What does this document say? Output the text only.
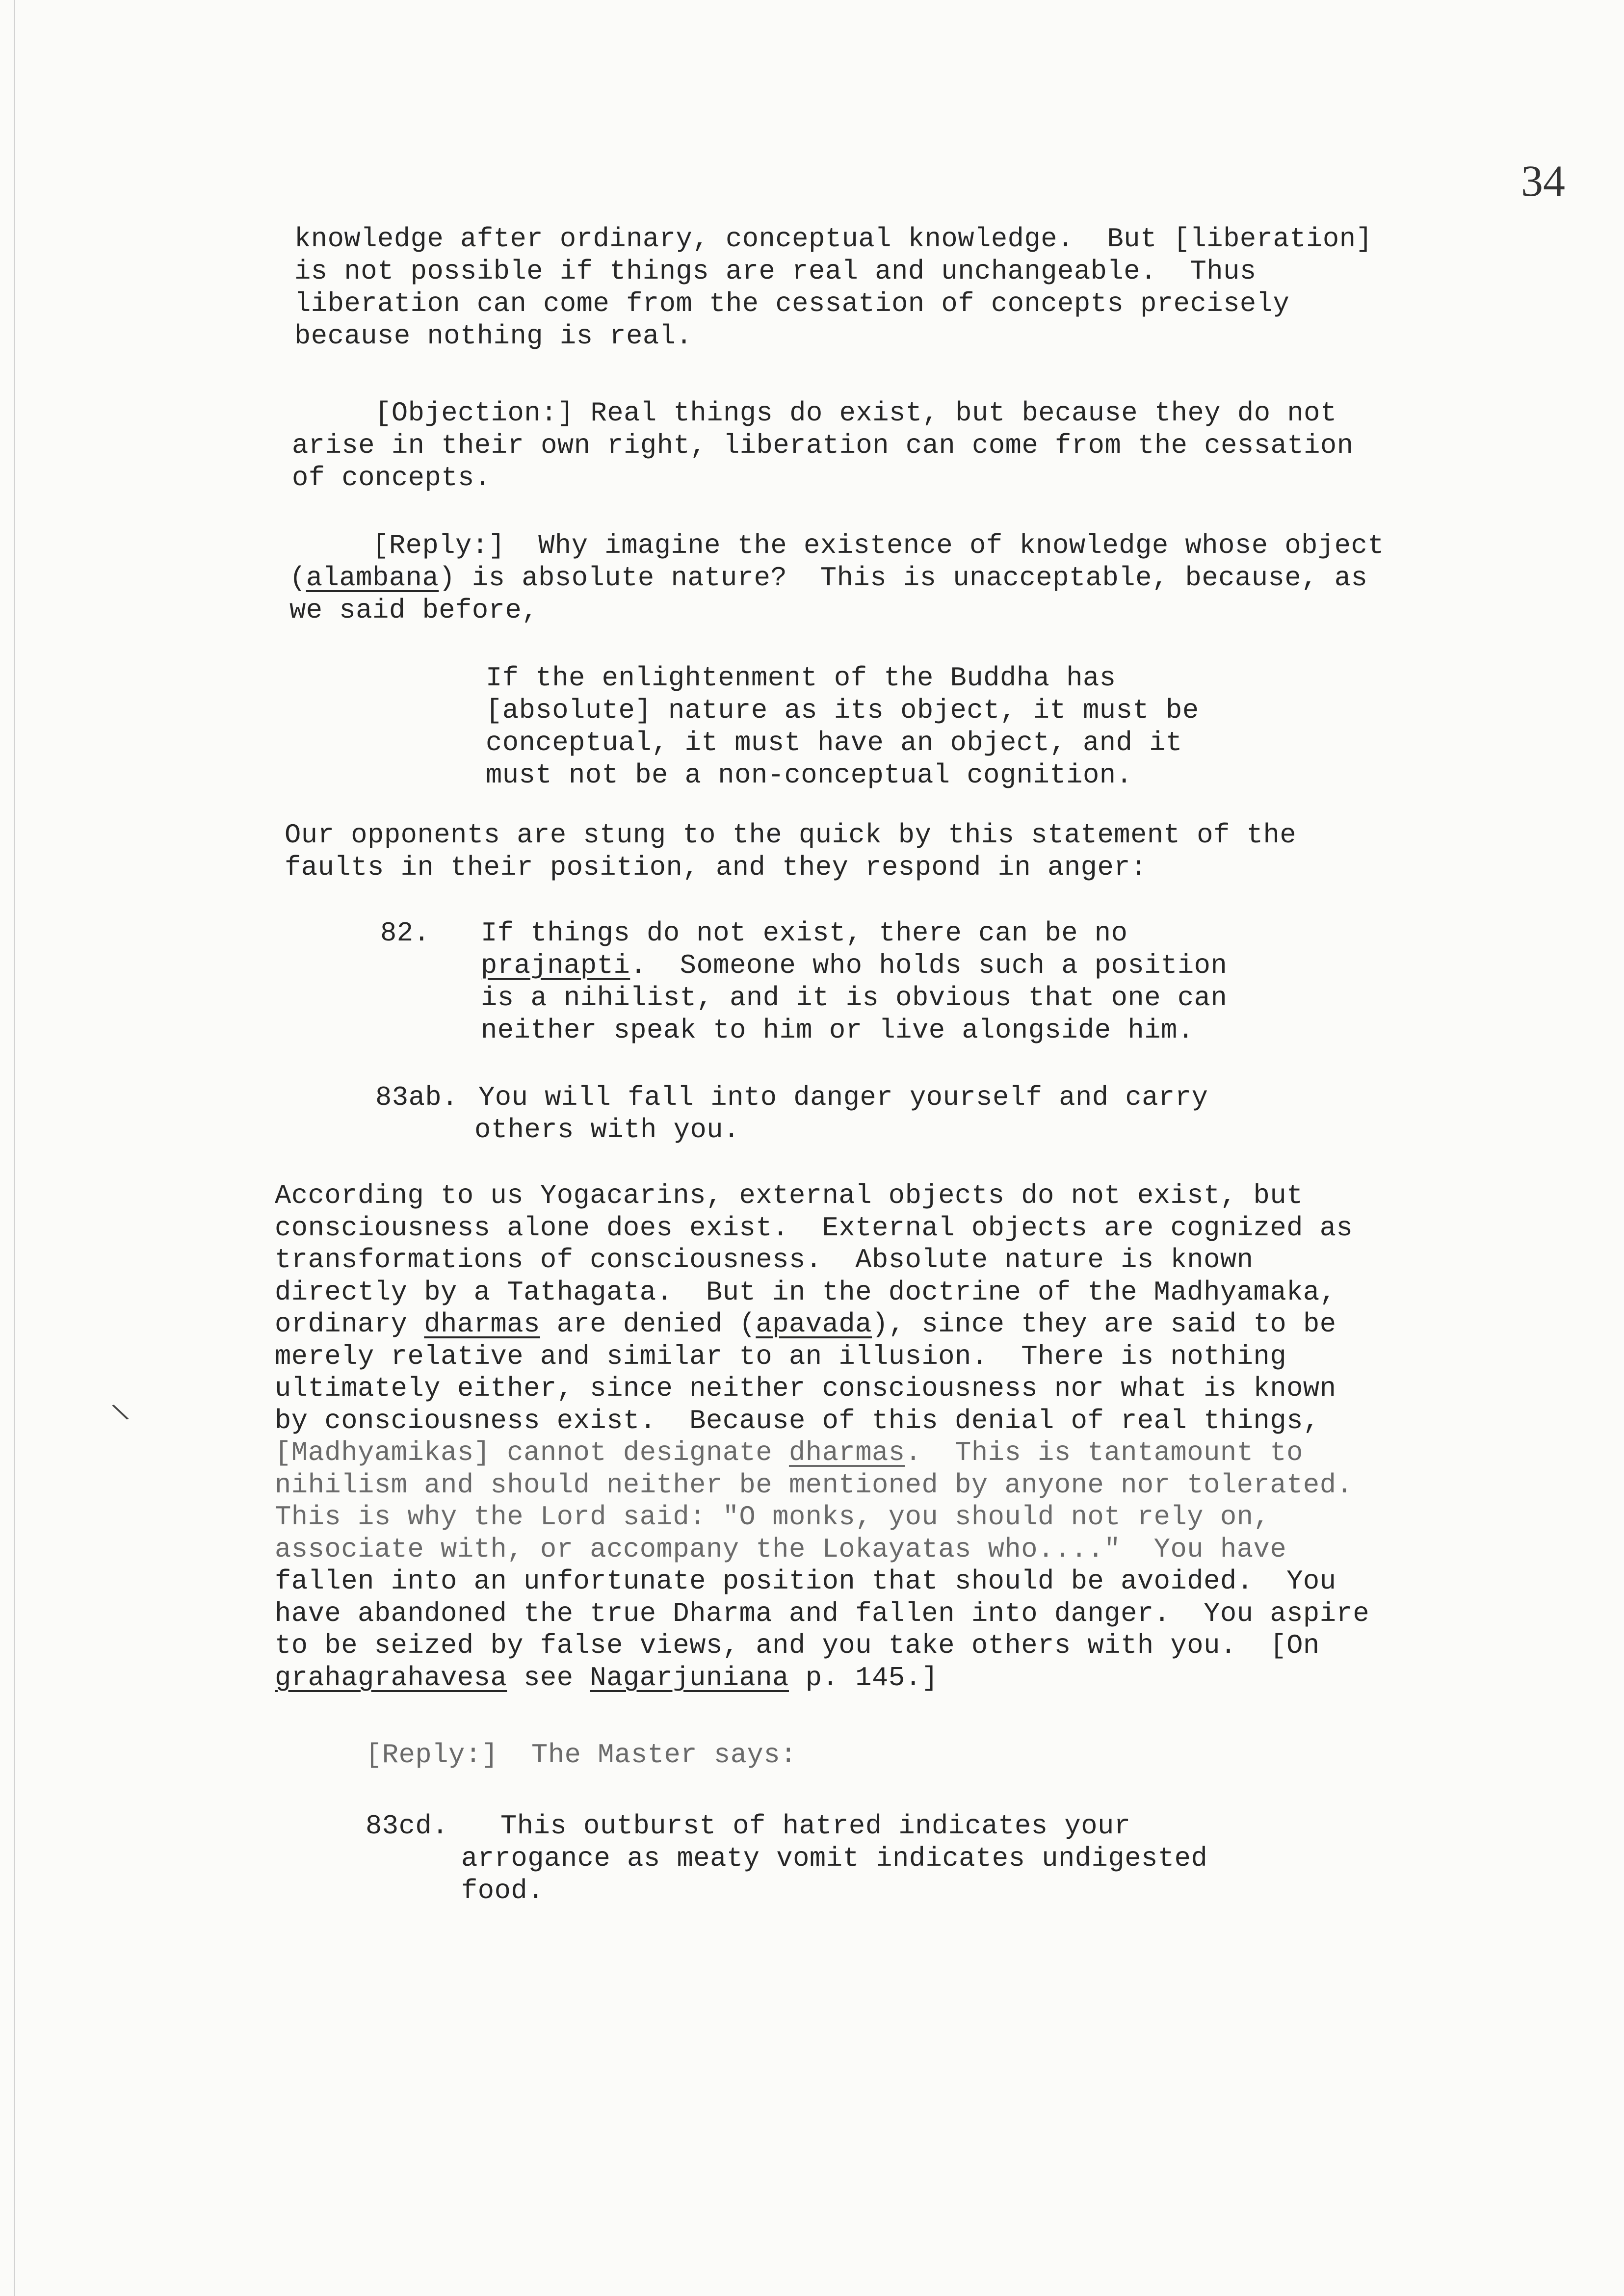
34
\
knowledge after ordinary, conceptual knowledge.  But [liberation]
is not possible if things are real and unchangeable.  Thus
liberation can come from the cessation of concepts precisely
because nothing is real.
[Objection:] Real things do exist, but because they do not
arise in their own right, liberation can come from the cessation
of concepts.
[Reply:]  Why imagine the existence of knowledge whose object
(alambana) is absolute nature?  This is unacceptable, because, as
we said before,
If the enlightenment of the Buddha has
[absolute] nature as its object, it must be
conceptual, it must have an object, and it
must not be a non-conceptual cognition.
Our opponents are stung to the quick by this statement of the
faults in their position, and they respond in anger:
82. If things do not exist, there can be no
prajnapti.  Someone who holds such a position
is a nihilist, and it is obvious that one can
neither speak to him or live alongside him.
83ab. You will fall into danger yourself and carry
others with you.
According to us Yogacarins, external objects do not exist, but
consciousness alone does exist.  External objects are cognized as
transformations of consciousness.  Absolute nature is known
directly by a Tathagata.  But in the doctrine of the Madhyamaka,
ordinary dharmas are denied (apavada), since they are said to be
merely relative and similar to an illusion.  There is nothing
ultimately either, since neither consciousness nor what is known
by consciousness exist.  Because of this denial of real things,
[Madhyamikas] cannot designate dharmas.  This is tantamount to
nihilism and should neither be mentioned by anyone nor tolerated.
This is why the Lord said: "O monks, you should not rely on,
associate with, or accompany the Lokayatas who...."  You have
fallen into an unfortunate position that should be avoided.  You
have abandoned the true Dharma and fallen into danger.  You aspire
to be seized by false views, and you take others with you.  [On
grahagrahavesa see Nagarjuniana p. 145.]
[Reply:]  The Master says:
83cd. This outburst of hatred indicates your
arrogance as meaty vomit indicates undigested
food.
